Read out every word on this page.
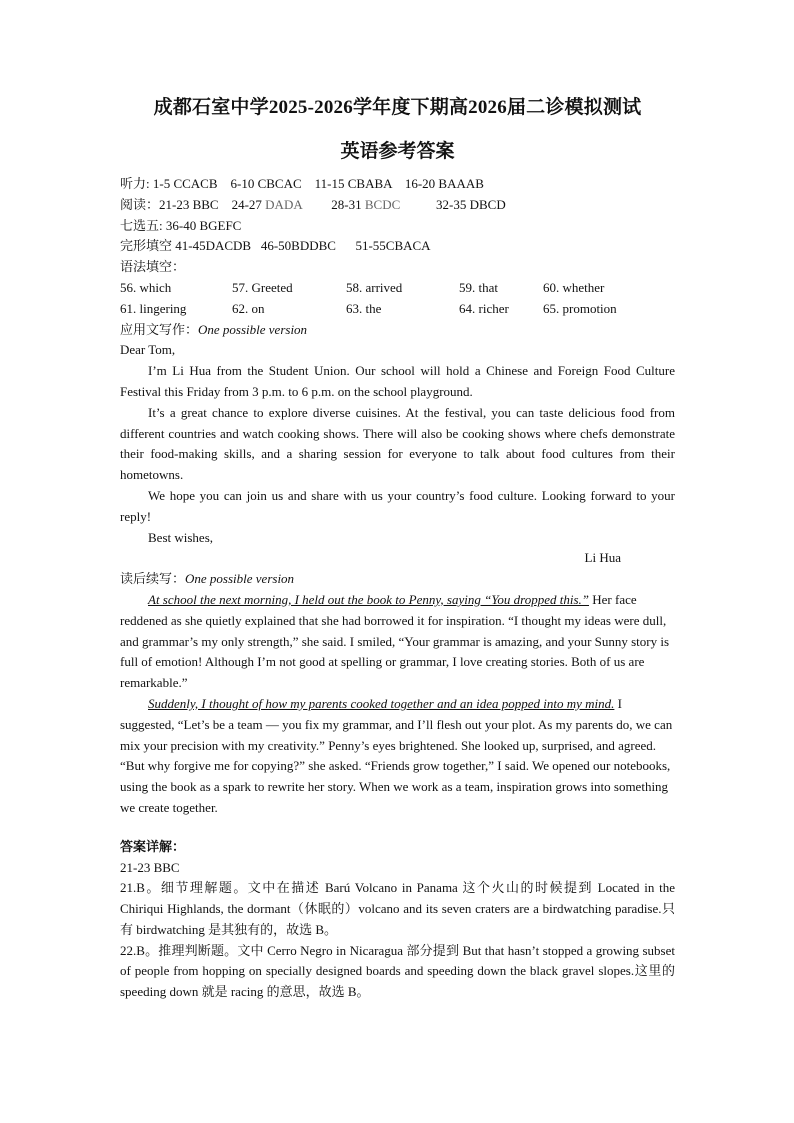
成都石室中学2025-2026学年度下期高2026届二诊模拟测试
英语参考答案
听力: 1-5 CCACB    6-10 CBCAC    11-15 CBABA    16-20 BAAAB
阅读：21-23 BBC    24-27 DADA         28-31 BCDC           32-35 DBCD
七选五: 36-40 BGEFC
完形填空 41-45DACDB   46-50BDDBC      51-55CBACA
语法填空：
56. which	57. Greeted	58. arrived	59. that	60. whether
61. lingering	62. on	63. the	64. richer	65. promotion
应用文写作：One possible version
Dear Tom,
I’m Li Hua from the Student Union. Our school will hold a Chinese and Foreign Food Culture Festival this Friday from 3 p.m. to 6 p.m. on the school playground.
It’s a great chance to explore diverse cuisines. At the festival, you can taste delicious food from different countries and watch cooking shows. There will also be cooking shows where chefs demonstrate their food-making skills, and a sharing session for everyone to talk about food cultures from their hometowns.
We hope you can join us and share with us your country’s food culture. Looking forward to your reply!
Best wishes,
Li Hua
读后续写：One possible version
At school the next morning, I held out the book to Penny, saying “You dropped this.” Her face reddened as she quietly explained that she had borrowed it for inspiration. “I thought my ideas were dull, and grammar’s my only strength,” she said. I smiled, “Your grammar is amazing, and your Sunny story is full of emotion! Although I’m not good at spelling or grammar, I love creating stories. Both of us are remarkable.”
Suddenly, I thought of how my parents cooked together and an idea popped into my mind. I suggested, “Let’s be a team — you fix my grammar, and I’ll flesh out your plot. As my parents do, we can mix your precision with my creativity.” Penny’s eyes brightened. She looked up, surprised, and agreed. “But why forgive me for copying?” she asked. “Friends grow together,” I said. We opened our notebooks, using the book as a spark to rewrite her story. When we work as a team, inspiration grows into something we create together.
答案详解：
21-23 BBC
21.B。细节理解题。文中在描述 Barú Volcano in Panama 这个火山的时候提到 Located in the Chiriqui Highlands, the dormant（休眠的）volcano and its seven craters are a birdwatching paradise.只有 birdwatching 是其独有的，故选 B。
22.B。推理判断题。文中 Cerro Negro in Nicaragua 部分提到 But that hasn’t stopped a growing subset of people from hopping on specially designed boards and speeding down the black gravel slopes.这里的 speeding down 就是 racing 的意思，故选 B。
